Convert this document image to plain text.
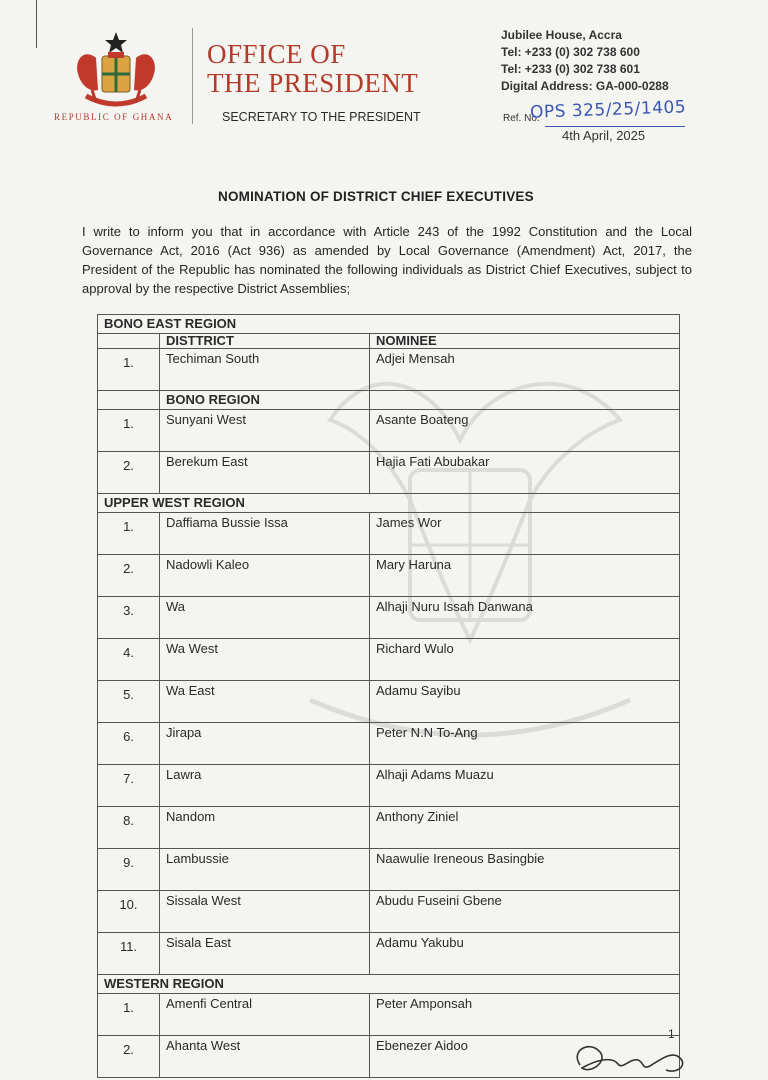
REPUBLIC OF GHANA
OFFICE OF
THE PRESIDENT
SECRETARY TO THE PRESIDENT
Jubilee House, Accra
Tel: +233 (0) 302 738 600
Tel: +233 (0) 302 738 601
Digital Address: GA-000-0288
Ref. No.
OPS 325/25/1405
4th April, 2025
NOMINATION OF DISTRICT CHIEF EXECUTIVES
I write to inform you that in accordance with Article 243 of the 1992 Constitution and the Local Governance Act, 2016 (Act 936) as amended by Local Governance (Amendment) Act, 2017, the President of the Republic has nominated the following individuals as District Chief Executives, subject to approval by the respective District Assemblies;
BONO EAST REGION		
	DISTTRICT	NOMINEE
1.	Techiman South	Adjei Mensah
	BONO REGION	
1.	Sunyani West	Asante Boateng
2.	Berekum East	Hajia Fati Abubakar
UPPER WEST REGION		
1.	Daffiama Bussie Issa	James Wor
2.	Nadowli Kaleo	Mary Haruna
3.	Wa	Alhaji Nuru Issah Danwana
4.	Wa West	Richard Wulo
5.	Wa East	Adamu Sayibu
6.	Jirapa	Peter N.N To-Ang
7.	Lawra	Alhaji Adams Muazu
8.	Nandom	Anthony Ziniel
9.	Lambussie	Naawulie Ireneous Basingbie
10.	Sissala West	Abudu Fuseini Gbene
11.	Sisala East	Adamu Yakubu
WESTERN REGION		
1.	Amenfi Central	Peter Amponsah
2.	Ahanta West	Ebenezer Aidoo
1
